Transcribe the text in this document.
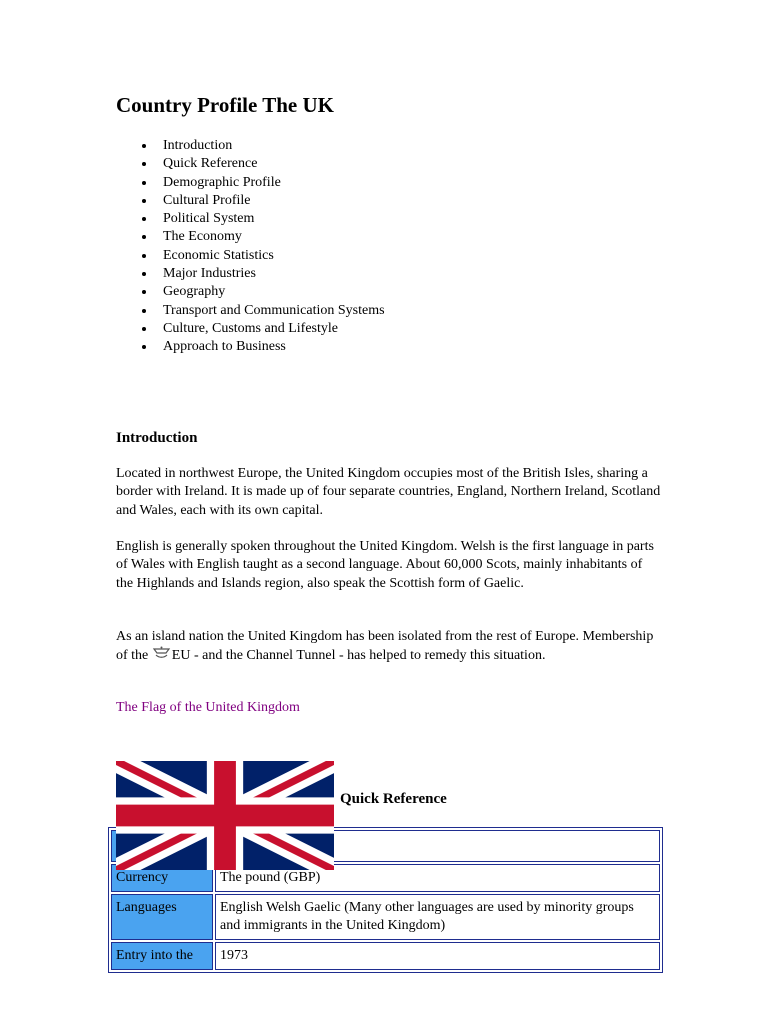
Country Profile The UK
Introduction
Quick Reference
Demographic Profile
Cultural Profile
Political System
The Economy
Economic Statistics
Major Industries
Geography
Transport and Communication Systems
Culture, Customs and Lifestyle
Approach to Business
Introduction

Located in northwest Europe, the United Kingdom occupies most of the British Isles, sharing a border with Ireland. It is made up of four separate countries, England, Northern Ireland, Scotland and Wales, each with its own capital.

English is generally spoken throughout the United Kingdom. Welsh is the first language in parts of Wales with English taught as a second language. About 60,000 Scots, mainly inhabitants of the Highlands and Islands region, also speak the Scottish form of Gaelic.

As an island nation the United Kingdom has been isolated from the rest of Europe. Membership of the EU - and the Channel Tunnel - has helped to remedy this situation.

The Flag of the United Kingdom
Quick Reference

Currency	The pound (GBP)
Languages	English Welsh Gaelic (Many other languages are used by minority groups and immigrants in the United Kingdom)
Entry into the	1973
